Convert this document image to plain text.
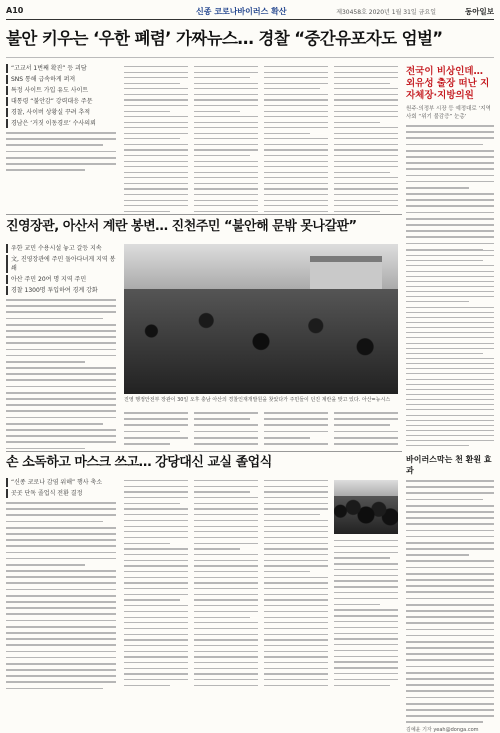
A10	신종 코로나바이러스 확산	제30458호 2020년 1월 31일 금요일	동아일보
불안 키우는 ‘우한 폐렴’ 가짜뉴스… 경찰 “중간유포자도 엄벌”

“고교서 1번째 확진” 등 괴담

SNS 통해 급속하게 퍼져

특정 사이트 가입 유도 사이트

대통령 “불안감” 강력대응 주문

경찰, 사이버 상황실 꾸려 추적

경남은 ‘거짓 이동경로’ 수사의뢰

전국이 비상인데… 외유성 출장 떠난 지자체장·지방의원
원주·의정부 시장 등 예정대로 ‘지역사회 “위기 불감증” 눈총’
진영장관, 아산서 계란 봉변… 진천주민 “불안해 문밖 못나갈판”

우한 교민 수용시설 놓고 갈등 지속

文, 진영장관에 주민 돌아다녀게 지역 봉쇄

아산 주민 20여 명 지역 주민

경찰 1300명 투입하여 경계 강화

진영 행정안전부 장관이 30일 오후 충남 아산의 경찰인재개발원을 찾았다가 주민들이 던진 계란을 맞고 있다. 아산=뉴시스
손 소독하고 마스크 쓰고… 강당대신 교실 졸업식

“신종 코로나 감염 위해” 행사 축소

곳곳 단독 졸업식 전환 결정

바이러스막는 천 환원 효과
김예윤 기자 yeah@donga.com
